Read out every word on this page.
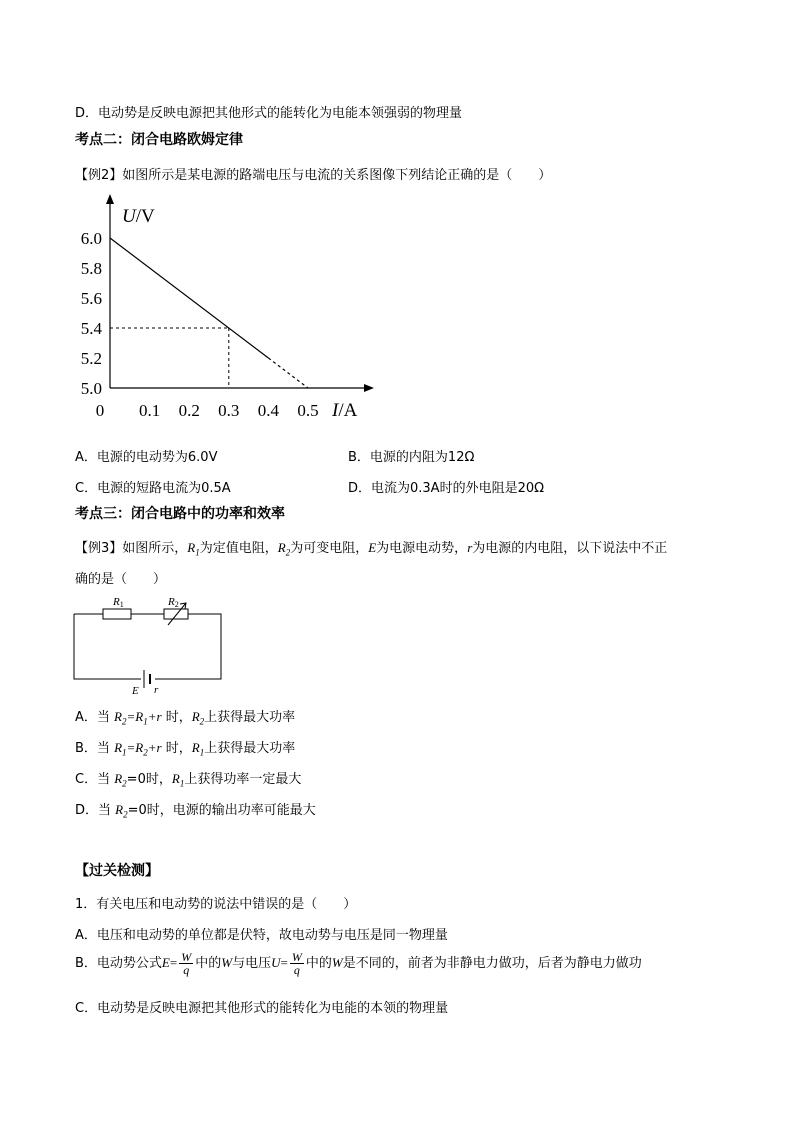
D．电动势是反映电源把其他形式的能转化为电能本领强弱的物理量
考点二：闭合电路欧姆定律
【例2】如图所示是某电源的路端电压与电流的关系图像下列结论正确的是（　　）
5.0
5.2
5.4
5.6
5.8
6.0
0 0.1 0.2 0.3 0.4 0.5
U/V
I/A
A．电源的电动势为6.0V	B．电源的内阻为12Ω
C．电源的短路电流为0.5A	D．电流为0.3A时的外电阻是20Ω
考点三：闭合电路中的功率和效率
【例3】如图所示，$R_1$为定值电阻，$R_2$为可变电阻，E为电源电动势，r为电源的内电阻，以下说法中不正
确的是（　　）
R1	R2
E r
A．当 $R_2=R_1+r$ 时，$R_2$上获得最大功率
B．当 $R_1=R_2+r$ 时，$R_1$上获得最大功率
C．当 $R_2=0$时，$R_1$上获得功率一定最大
D．当 $R_2=0$时，电源的输出功率可能最大
【过关检测】
1．有关电压和电动势的说法中错误的是（　　）
A．电压和电动势的单位都是伏特，故电动势与电压是同一物理量
B．电动势公式$E= \frac{W}{q}$ 中的W与电压$U= \frac{W}{q}$ 中的W是不同的，前者为非静电力做功，后者为静电力做功
C．电动势是反映电源把其他形式的能转化为电能的本领的物理量
